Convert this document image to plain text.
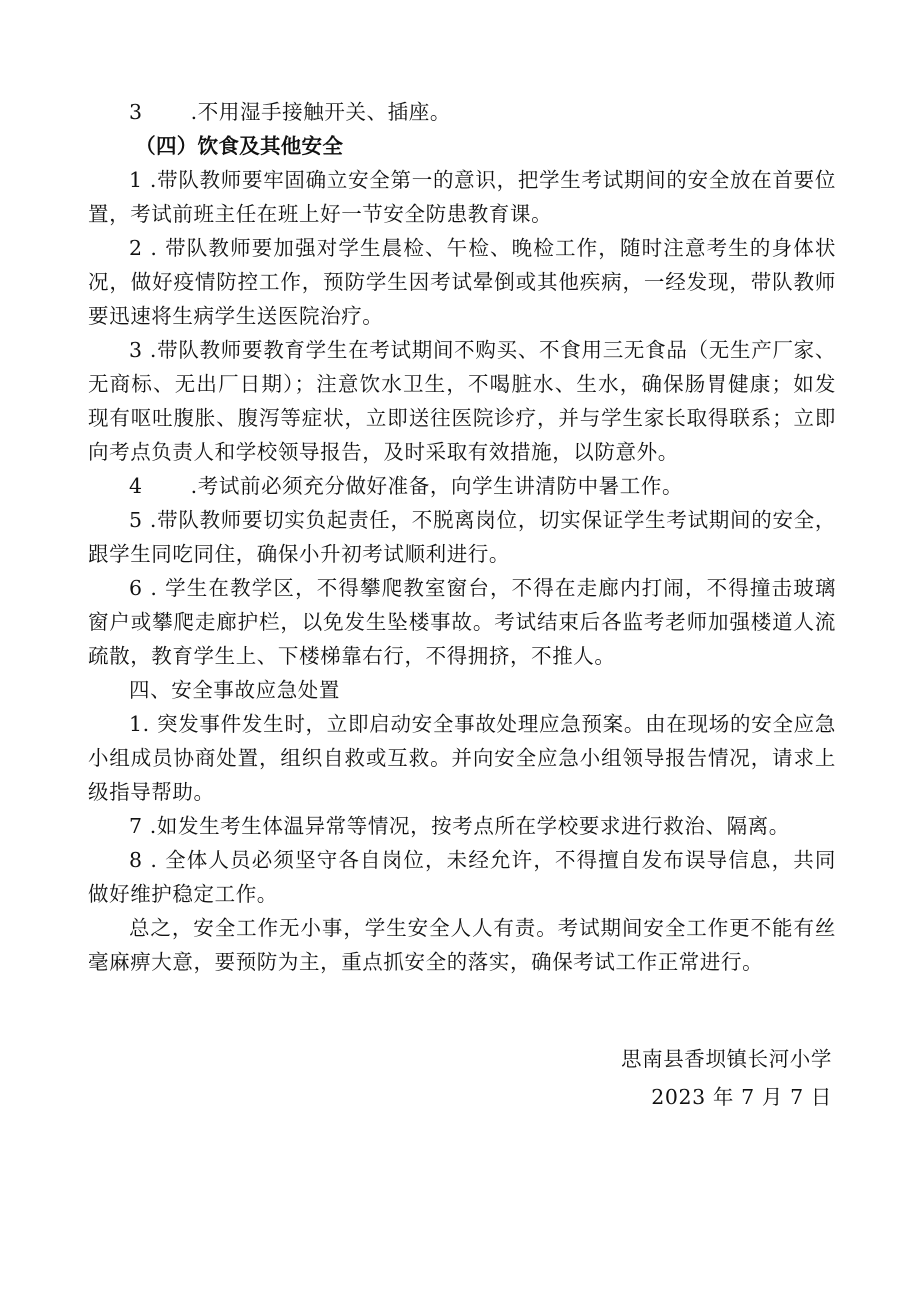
3 .不用湿手接触开关、插座。

（四）饮食及其他安全

1 .带队教师要牢固确立安全第一的意识，把学生考试期间的安全放在首要位置，考试前班主任在班上好一节安全防患教育课。

2 . 带队教师要加强对学生晨检、午检、晚检工作，随时注意考生的身体状况，做好疫情防控工作，预防学生因考试晕倒或其他疾病，一经发现，带队教师要迅速将生病学生送医院治疗。

3 .带队教师要教育学生在考试期间不购买、不食用三无食品（无生产厂家、无商标、无出厂日期）；注意饮水卫生，不喝脏水、生水，确保肠胃健康；如发现有呕吐腹胀、腹泻等症状，立即送往医院诊疗，并与学生家长取得联系；立即向考点负责人和学校领导报告，及时采取有效措施，以防意外。

4 .考试前必须充分做好准备，向学生讲清防中暑工作。

5 .带队教师要切实负起责任，不脱离岗位，切实保证学生考试期间的安全，跟学生同吃同住，确保小升初考试顺利进行。

6 . 学生在教学区，不得攀爬教室窗台，不得在走廊内打闹，不得撞击玻璃窗户或攀爬走廊护栏，以免发生坠楼事故。考试结束后各监考老师加强楼道人流疏散，教育学生上、下楼梯靠右行，不得拥挤，不推人。

四、安全事故应急处置

1. 突发事件发生时，立即启动安全事故处理应急预案。由在现场的安全应急小组成员协商处置，组织自救或互救。并向安全应急小组领导报告情况，请求上级指导帮助。

7 .如发生考生体温异常等情况，按考点所在学校要求进行救治、隔离。

8 . 全体人员必须坚守各自岗位，未经允许，不得擅自发布误导信息，共同做好维护稳定工作。

总之，安全工作无小事，学生安全人人有责。考试期间安全工作更不能有丝毫麻痹大意，要预防为主，重点抓安全的落实，确保考试工作正常进行。

思南县香坝镇长河小学
2023 年 7 月 7 日
